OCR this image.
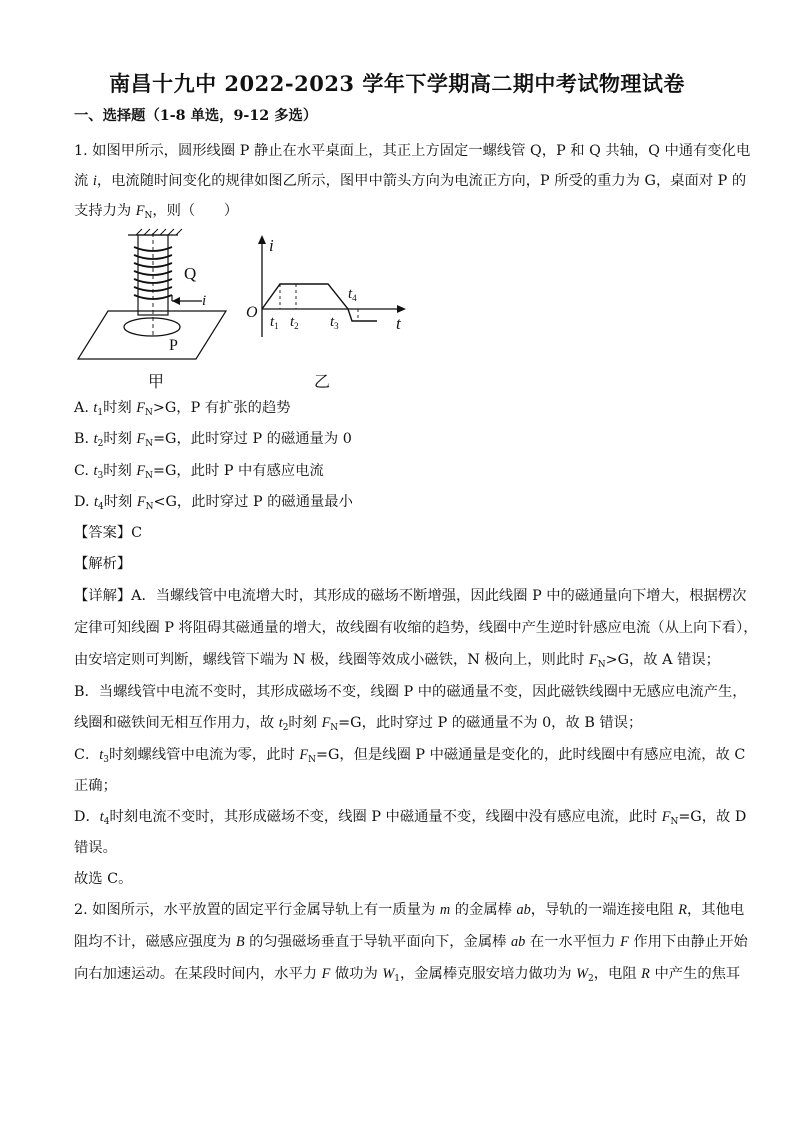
南昌十九中 2022-2023 学年下学期高二期中考试物理试卷
一、选择题（1-8 单选，9-12 多选）
1. 如图甲所示，圆形线圈 P 静止在水平桌面上，其正上方固定一螺线管 Q，P 和 Q 共轴，Q 中通有变化电
流 i，电流随时间变化的规律如图乙所示，图甲中箭头方向为电流正方向，P 所受的重力为 G，桌面对 P 的
支持力为 $F_N$，则（　　）
Q
i
P
甲
i
t
O
$t_1$ $t_2$ $t_3$
$t_4$
乙
A. $t_1$时刻 $F_N>G$，P 有扩张的趋势
B. $t_2$时刻 $F_N=G$，此时穿过 P 的磁通量为 0
C. $t_3$时刻 $F_N=G$，此时 P 中有感应电流
D. $t_4$时刻 $F_N<G$，此时穿过 P 的磁通量最小
【答案】C
【解析】
【详解】A．当螺线管中电流增大时，其形成的磁场不断增强，因此线圈 P 中的磁通量向下增大，根据楞次
定律可知线圈 P 将阻碍其磁通量的增大，故线圈有收缩的趋势，线圈中产生逆时针感应电流（从上向下看），
由安培定则可判断，螺线管下端为 N 极，线圈等效成小磁铁，N 极向上，则此时 $F_N>G$，故 A 错误；
B．当螺线管中电流不变时，其形成磁场不变，线圈 P 中的磁通量不变，因此磁铁线圈中无感应电流产生，
线圈和磁铁间无相互作用力，故 $t_2$时刻 $F_N=G$，此时穿过 P 的磁通量不为 0，故 B 错误；
C．$t_3$时刻螺线管中电流为零，此时 $F_N=G$，但是线圈 P 中磁通量是变化的，此时线圈中有感应电流，故 C
正确；
D．$t_4$时刻电流不变时，其形成磁场不变，线圈 P 中磁通量不变，线圈中没有感应电流，此时 $F_N=G$，故 D
错误。
故选 C。
2. 如图所示，水平放置的固定平行金属导轨上有一质量为 m 的金属棒 ab，导轨的一端连接电阻 R，其他电
阻均不计，磁感应强度为 B 的匀强磁场垂直于导轨平面向下，金属棒 ab 在一水平恒力 F 作用下由静止开始
向右加速运动。在某段时间内，水平力 F 做功为 $W_1$，金属棒克服安培力做功为 $W_2$，电阻 R 中产生的焦耳
